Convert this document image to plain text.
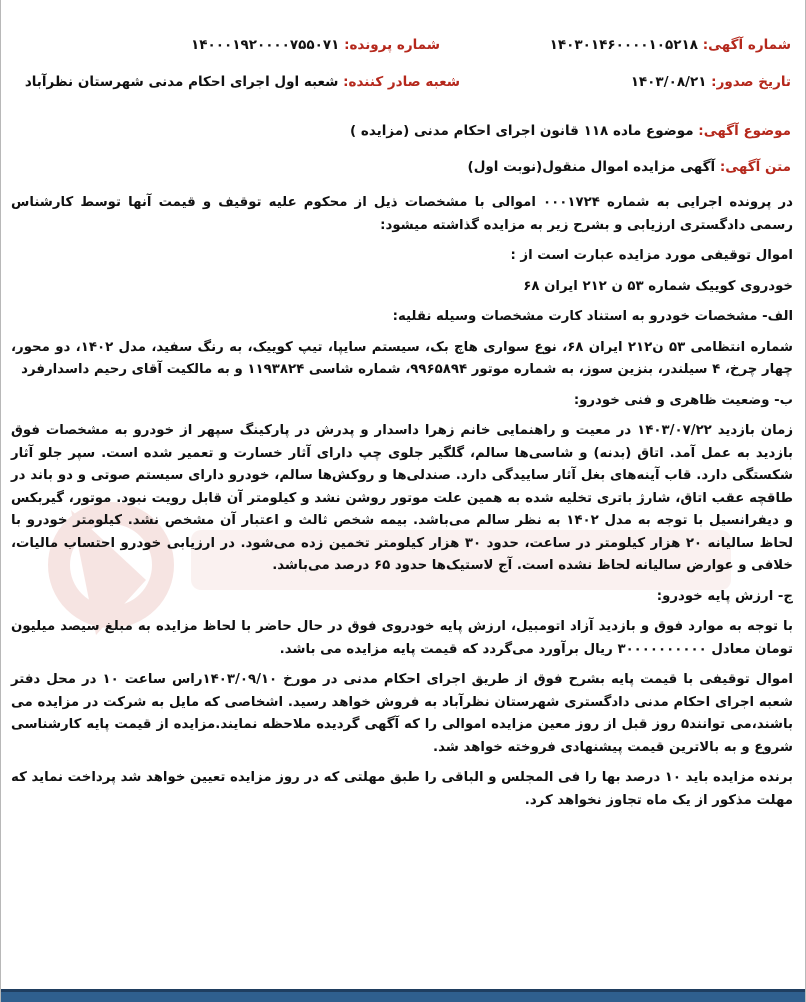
شماره آگهی: ۱۴۰۳۰۱۴۶۰۰۰۰۱۰۵۲۱۸
شماره پرونده: ۱۴۰۰۰۱۹۲۰۰۰۰۷۵۵۰۷۱
تاریخ صدور: ۱۴۰۳/۰۸/۲۱
شعبه صادر کننده: شعبه اول اجرای احکام مدنی شهرستان نظرآباد
موضوع آگهی: موضوع ماده ۱۱۸ قانون اجرای احکام مدنی (مزایده )
متن آگهی: آگهی مزایده اموال منقول(نوبت اول)

در پرونده اجرایی به شماره ۰۰۰۱۷۲۴ اموالی با مشخصات ذیل از محکوم علیه توقیف و قیمت آنها توسط کارشناس رسمی دادگستری ارزیابی و بشرح زیر به مزایده گذاشته میشود:

اموال توقیفی مورد مزایده عبارت است از :

خودروی کوییک شماره ۵۳ ن ۲۱۲ ایران ۶۸

الف- مشخصات خودرو به استناد کارت مشخصات وسیله نقلیه:

شماره انتظامی ۵۳ ن۲۱۲ ایران ۶۸، نوع سواری هاچ بک، سیستم سایپا، تیپ کوییک، به رنگ سفید، مدل ۱۴۰۲، دو محور، چهار چرخ، ۴ سیلندر، بنزین سوز، به شماره موتور ۹۹۶۵۸۹۴، شماره شاسی ۱۱۹۳۸۲۴ و به مالکیت آقای رحیم داسدارفرد

ب- وضعیت ظاهری و فنی خودرو:

زمان بازدید ۱۴۰۳/۰۷/۲۲ در معیت و راهنمایی خانم زهرا داسدار و پدرش در پارکینگ سپهر از خودرو به مشخصات فوق بازدید به عمل آمد. اتاق (بدنه) و شاسی‌ها سالم، گلگیر جلوی چپ دارای آثار خسارت و تعمیر شده است. سپر جلو آثار شکستگی دارد. قاب آینه‌های بغل آثار ساییدگی دارد. صندلی‌ها و روکش‌ها سالم، خودرو دارای سیستم صوتی و دو باند در طاقچه عقب اتاق، شارژ باتری تخلیه شده به همین علت موتور روشن نشد و کیلومتر آن قابل رویت نبود. موتور، گیربکس و دیفرانسیل با توجه به مدل ۱۴۰۲ به نظر سالم می‌باشد. بیمه شخص ثالث و اعتبار آن مشخص نشد. کیلومتر خودرو با لحاظ سالیانه ۲۰ هزار کیلومتر در ساعت، حدود ۳۰ هزار کیلومتر تخمین زده می‌شود. در ارزیابی خودرو احتساب مالیات، خلافی و عوارض سالیانه لحاظ نشده است. آج لاستیک‌ها حدود ۶۵ درصد می‌باشد.

ج- ارزش پایه خودرو:

با توجه به موارد فوق و بازدید آزاد اتومبیل، ارزش پایه خودروی فوق در حال حاضر با لحاظ مزایده به مبلغ سیصد میلیون تومان معادل ۳۰۰۰۰۰۰۰۰۰۰ ریال برآورد می‌گردد که قیمت پایه مزایده می باشد.

اموال توقیفی با قیمت پایه بشرح فوق از طریق اجرای احکام مدنی در مورخ ۱۴۰۳/۰۹/۱۰راس ساعت ۱۰ در محل دفتر شعبه اجرای احکام مدنی دادگستری شهرستان نظرآباد به فروش خواهد رسید. اشخاصی که مایل به شرکت در مزایده می باشند،می توانند۵ روز قبل از روز معین مزایده اموالی را که آگهی گردیده ملاحظه نمایند.مزایده از قیمت پایه کارشناسی شروع و به بالاترین قیمت پیشنهادی فروخته خواهد شد.

برنده مزایده باید ۱۰ درصد بها را فی المجلس و الباقی را طبق مهلتی که در روز مزایده تعیین خواهد شد پرداخت نماید که مهلت مذکور از یک ماه تجاوز نخواهد کرد.
